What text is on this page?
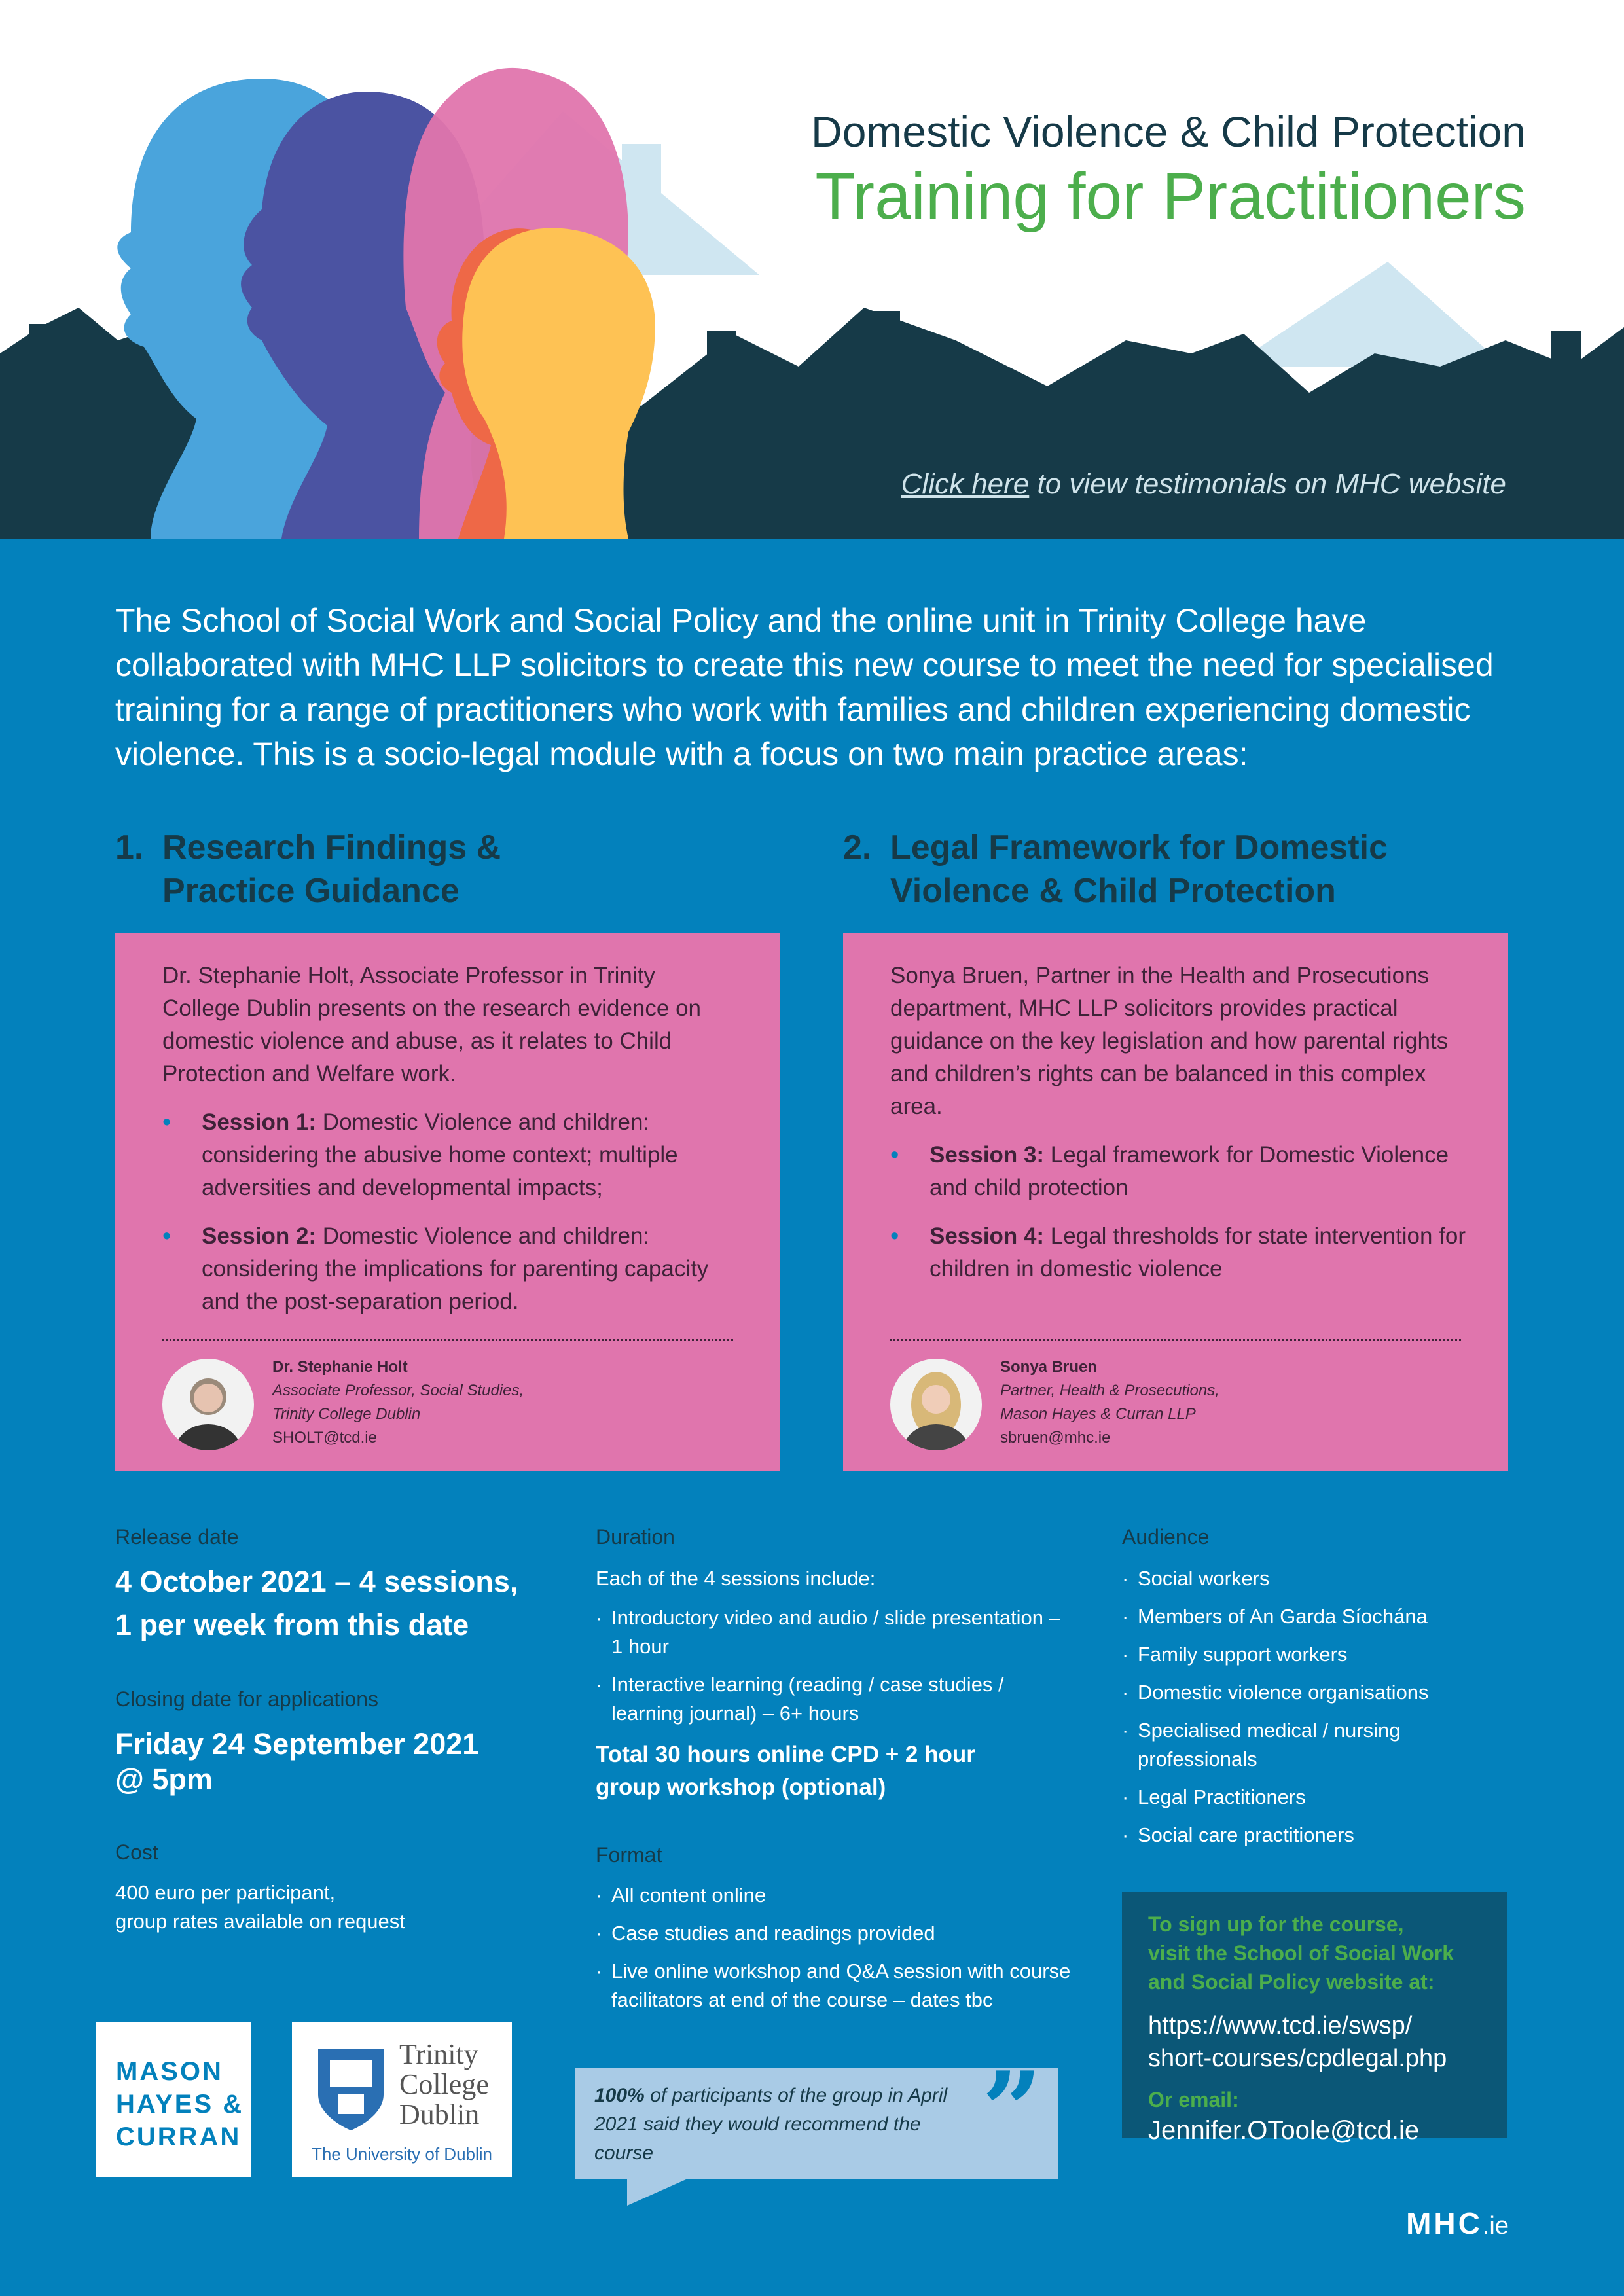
Domestic Violence & Child Protection
Training for Practitioners
Click here to view testimonials on MHC website
The School of Social Work and Social Policy and the online unit in Trinity College have collaborated with MHC LLP solicitors to create this new course to meet the need for specialised training for a range of practitioners who work with families and children experiencing domestic violence. This is a socio-legal module with a focus on two main practice areas:
1. Research Findings & Practice Guidance
2. Legal Framework for Domestic Violence & Child Protection
Dr. Stephanie Holt, Associate Professor in Trinity College Dublin presents on the research evidence on domestic violence and abuse, as it relates to Child Protection and Welfare work.
• Session 1: Domestic Violence and children: considering the abusive home context; multiple adversities and developmental impacts;
• Session 2: Domestic Violence and children: considering the implications for parenting capacity and the post-separation period.
Dr. Stephanie Holt
Associate Professor, Social Studies,
Trinity College Dublin
SHOLT@tcd.ie
Sonya Bruen, Partner in the Health and Prosecutions department, MHC LLP solicitors provides practical guidance on the key legislation and how parental rights and children’s rights can be balanced in this complex area.
• Session 3: Legal framework for Domestic Violence and child protection
• Session 4: Legal thresholds for state intervention for children in domestic violence
Sonya Bruen
Partner, Health & Prosecutions,
Mason Hayes & Curran LLP
sbruen@mhc.ie
Release date
4 October 2021 – 4 sessions,
1 per week from this date
Closing date for applications
Friday 24 September 2021
@ 5pm
Cost
400 euro per participant,
group rates available on request
Duration
Each of the 4 sessions include:
· Introductory video and audio / slide presentation – 1 hour
· Interactive learning (reading / case studies / learning journal) – 6+ hours
Total 30 hours online CPD + 2 hour
group workshop (optional)
Format
· All content online
· Case studies and readings provided
· Live online workshop and Q&A session with course facilitators at end of the course – dates tbc
Audience
· Social workers
· Members of An Garda Síochána
· Family support workers
· Domestic violence organisations
· Specialised medical / nursing professionals
· Legal Practitioners
· Social care practitioners
To sign up for the course,
visit the School of Social Work
and Social Policy website at:
https://www.tcd.ie/swsp/
short-courses/cpdlegal.php
Or email:
Jennifer.OToole@tcd.ie
MASON
HAYES &
CURRAN
Trinity
College
Dublin
The University of Dublin
100% of participants of the group in April 2021 said they would recommend the course	”
MHC.ie
